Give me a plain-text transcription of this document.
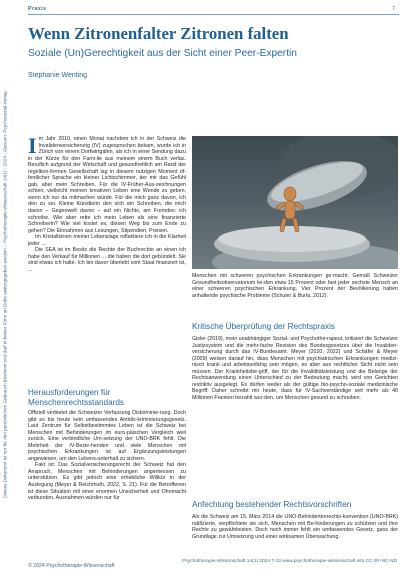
Dieses Dokument ist nur für den persönlichen Gebrauch bestimmt und darf in keiner Form an Dritte weitergegeben werden. - Psychotherapie-Wissenschaft 14(1) - 2024 - Giessen: Psychosozial-Verlag
Praxis	7
Wenn Zitronenfalter Zitronen falten
Soziale (Un)Gerechtigkeit aus der Sicht einer Peer-Expertin
Stephanie Wenting

Im Jahr 2010, einen Monat nachdem ich in der Schweiz die Invalidenversicherung (IV) zugesprochen bekam, wurde ich in Zürich von einem Dorfwirtgäfen, als ich in einer Sendung dazu in der Kürze für den Fami-lie aus meinem einem Buch verlas. Beruflich aufgrund der Wirtschaft und gesundheitlich am Rand der regelkon-formen Gesellschaft lag in diesem nutzigen Moment öf-fentlicher Sprache ein kleiner Lichtschimmer, der mir das Gefühl gab, aber mein Schreiben. Für die IV-Früher-Aus-zeichnungen schien, vielleicht meinen kreativen Leben eine Wende zu geben, wenn ich nur da mitmachen würde. Für die mich ganz davon, ich den zu sei. Kleine Künstlerin den sich am Schreiben, die mich davon – Gegenwelt davon – auf ein Nichts, am Fremdes: ich schreibe. Wie aber rette ich mein Leben als eine finanzierte Schreiberin? Wie viel kostet es, diesen Weg bis zum Ende zu gehen? Die Einnahmen aus Lesungen, Stipendien, Preisen.

Im Kristallstrom meiner Lebenslage reflektiere ich in die Klarheit jeder ...

Die SEA ist im Besitz die Rechte der Buchrechte an einen ich habe den Verkauf für Millionen ... die haben die dort gebündelt. Sie sind etwas ich halte. Ich bin davor überlebt vom Staat finanziert ist, ...

Herausforderungen für Menschenrechtsstandards

Offiziell verbietet die Schweizer Verfassung Diskriminie-rung. Doch gibt es bis heute kein umfassendes Antidis-kriminierungsgesetz. Laut Zentrum für Selbstbestimmtes Leben ist die Schweiz bei Menschen mit Behinderungen im euro-päischen Vergleich weit zurück. Eine verbindliche Um-setzung der UNO-BRK fehlt. Die Mehrheit der IV-Bezie-henden und viele Menschen mit psychischen Erkrankungen ist auf Ergänzungsleistungen angewiesen, um den Lebens-unterhalt zu sichern.

Fakt ist: Das Sozialversicherungsrecht der Schweiz hat den Anspruch, Menschen mit Behinderungen angemessen zu unterstützen. Es gibt jedoch eine erhebliche Willkür in der Auslegung (Meyer & Reichmuth, 2022, S. 21). Für die Betroffenen ist diese Situation mit einer enormen Unsicherheit und Ohnmacht verbunden. Ausnahmen würden nur für

Menschen mit schweren psychischen Erkrankungen ge-macht. Gemäß Schweizer Gesundheitsobservatorium lei-den etwa 15 Prozent oder fast jeder sechste Mensch an einer schweren psychischen Erkrankung. Vier Prozent der Bevölkerung haben anhaltende psychische Probleme (Schuler & Burla, 2012).

Kritische Überprüfung der Rechtspraxis

Gisler (2019), mein unabhängiger Sozial- und Psychothe-rapeut, kritisiert die Schweizer Justizsystem und die mehr-fache Revision des Bundesgesetzes über die Invaliden-versicherung durch das IV-Bundesamt. Meyer (2020, 2022) und Schäfer & Meyer (2009) weisen darauf hin, dass Menschen mit psychiatrischen Erkrankungen medizi-nisch krank und arbeitsunfähig sein mögen, es aber aus rechtlicher Sicht nicht sein müssen. Der Krankheitsbe-griff, der für die Invaliditätsleistung und die Belange der Rechtsanwendung einen Unterschied zu der Bedeutung macht, wird von Gerichten restriktiv ausgelegt. Es dürfen weder als der gültige bio-psycho-soziale medizinische Begriff. Daher schreibt mir heute, dass für IV-Sachverständige seit mehr als 40 Millionen Franken bezahlt wur-den, um Menschen gesund zu schreiben.

Anfechtung bestehender Rechtsvorschriften

Als die Schweiz am 15. März 2014 die UNO-Behindertenrechts-konvention (UNO-BRK) ratifizierte, verpflichtete sie sich, Menschen mit Be-hinderungen zu schützen und ihre Rechte zu gewährleisten. Doch noch immer fehlt ein umfassendes Gesetz, ganz der Grundlage zur Umsetzung und einer wirksamen Überwachung.

© 2024 Psychotherapie-Wissenschaft
Psychotherapie-Wissenschaft 14(1) 2024 7-13 www.psychotherapie-wissenschaft.info CC BY-NC-ND
